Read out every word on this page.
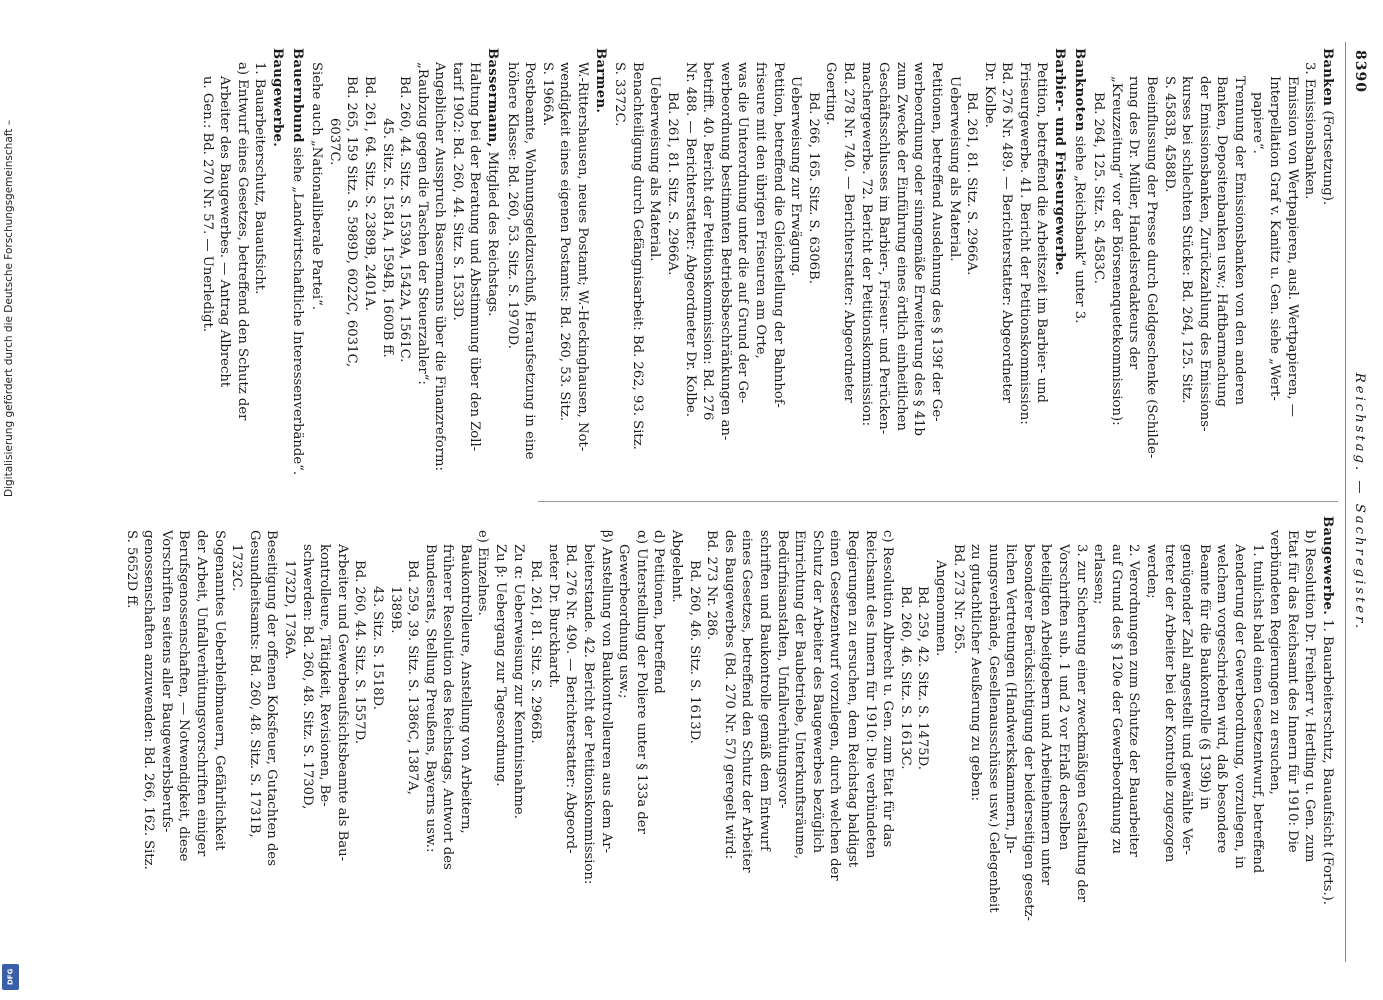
Digitalisierung gefördert durch die Deutsche Forschungsgemeinschaft –
DFG
8390
Reichstag. — Sachregister.
Banken (Fortsetzung).
3. Emissionsbanken.
Emission von Wertpapieren, ausl. Wertpapieren, —
Interpellation Graf v. Kanitz u. Gen. siehe „Wert-
papiere“.
Trennung der Emissionsbanken von den anderen
Banken, Depositenbanken usw.; Haftbarmachung
der Emissionsbanken, Zurückzahlung des Emissions-
kurses bei schlechten Stücke: Bd. 264, 125. Sitz.
S. 4583B, 4588D.
Beeinflussung der Presse durch Geldgeschenke (Schilde-
rung des Dr. Müller, Handelsredakteurs der
„Kreuzzeitung“ vor der Börsenenquetekommission):
Bd. 264, 125. Sitz. S. 4583C.
Banknoten siehe „Reichsbank“ unter 3.
Barbier- und Friseurgewerbe.
Petition, betreffend die Arbeitszeit im Barbier- und
Friseurgewerbe. 41. Bericht der Petitionskommission:
Bd. 276 Nr. 489. — Berichterstatter: Abgeordneter
Dr. Kolbe.
Bd. 261, 81. Sitz. S. 2966A.
Ueberweisung als Material.
Petitionen, betreffend Ausdehnung des § 139f der Ge-
werbeordnung oder sinngemäße Erweiterung des § 41b
zum Zwecke der Einführung eines örtlich einheitlichen
Geschäftsschlusses im Barbier-, Friseur- und Perücken-
machergewerbe. 72. Bericht der Petitionskommission:
Bd. 278 Nr. 740. — Berichterstatter: Abgeordneter
Goerting.
Bd. 266, 165. Sitz. S. 6306B.
Ueberweisung zur Erwägung.
Petition, betreffend die Gleichstellung der Bahnhof-
friseure mit den übrigen Friseuren am Orte,
was die Unterordnung unter die auf Grund der Ge-
werbeordnung bestimmten Betriebsbeschränkungen an-
betrifft. 40. Bericht der Petitionskommission: Bd. 276
Nr. 488. — Berichterstatter: Abgeordneter Dr. Kolbe.
Bd. 261, 81. Sitz. S. 2966A.
Ueberweisung als Material.
Benachteiligung durch Gefängnisarbeit: Bd. 262, 93. Sitz.
S. 3372C.
Barmen.
W.-Rittershausen, neues Postamt; W.-Heckinghausen, Not-
wendigkeit eines eigenen Postamts: Bd. 260, 53. Sitz.
S. 1966A.
Postbeamte, Wohnungsgeldzuschuß, Heraufsetzung in eine
höhere Klasse: Bd. 260, 53. Sitz. S. 1970D.
Bassermann, Mitglied des Reichstags.
Haltung bei der Beratung und Abstimmung über den Zoll-
tarif 1902: Bd. 260, 44. Sitz. S. 1533D.
Angeblicher Ausspruch Bassermanns über die Finanzreform:
„Raubzug gegen die Taschen der Steuerzahler“:
Bd. 260, 44. Sitz. S. 1539A, 1542A, 1561C.
45. Sitz. S. 1581A, 1594B, 1600B ff.
Bd. 261, 64. Sitz. S. 2389B, 2401A.
Bd. 265, 159 Sitz. S. 5989D, 6022C, 6031C,
6037C.
Siehe auch „Nationalliberale Partei“.
Bauernbund siehe „Landwirtschaftliche Interessenverbände“.
Baugewerbe.
1. Bauarbeiterschutz, Bauaufsicht.
a) Entwurf eines Gesetzes, betreffend den Schutz der
Arbeiter des Baugewerbes. — Antrag Albrecht
u. Gen.: Bd. 270 Nr. 57. — Unerledigt.
Baugewerbe. 1. Bauarbeiterschutz, Bauaufsicht (Forts.).
b) Resolution Dr. Freiherr v. Hertling u. Gen. zum
Etat für das Reichsamt des Innern für 1910: Die
verbündeten Regierungen zu ersuchen,
1. tunlichst bald einen Gesetzentwurf, betreffend
Aenderung der Gewerbeordnung, vorzulegen, in
welchem vorgeschrieben wird, daß besondere
Beamte für die Baukontrolle (§ 139b) in
genügender Zahl angestellt und gewählte Ver-
treter der Arbeiter bei der Kontrolle zugezogen
werden;
2. Verordnungen zum Schutze der Bauarbeiter
auf Grund des § 120e der Gewerbeordnung zu
erlassen;
3. zur Sicherung einer zweckmäßigen Gestaltung der
Vorschriften sub. 1 und 2 vor Erlaß derselben
beteiligten Arbeitgebern und Arbeitnehmern unter
besonderer Berücksichtigung der beiderseitigen gesetz-
lichen Vertretungen (Handwerkskammern, Jn-
nungsverbände, Gesellenausschüsse usw.) Gelegenheit
zu gutachtlicher Aeußerung zu geben:
Bd. 273 Nr. 265.
Angenommen.
Bd. 259, 42. Sitz. S. 1475D.
Bd. 260, 46. Sitz. S. 1613C.
c) Resolution Albrecht u. Gen. zum Etat für das
Reichsamt des Innern für 1910: Die verbündeten
Regierungen zu ersuchen, dem Reichstag baldigst
einen Gesetzentwurf vorzulegen, durch welchen der
Schutz der Arbeiter des Baugewerbes bezüglich
Einrichtung der Baubetriebe, Unterkunftsräume,
Bedürfnisanstalten, Unfallverhütungsvor-
schriften und Baukontrolle gemäß dem Entwurf
eines Gesetzes, betreffend den Schutz der Arbeiter
des Baugewerbes (Bd. 270 Nr. 57) geregelt wird:
Bd. 273 Nr. 286.
Bd. 260, 46. Sitz. S. 1613D.
Abgelehnt.
d) Petitionen, betreffend
α) Unterstellung der Poliere unter § 133a der
Gewerbeordnung usw.;
β) Anstellung von Baukontrolleuren aus dem Ar-
beiterstande. 42. Bericht der Petitionskommission:
Bd. 276 Nr. 490. — Berichterstatter: Abgeord-
neter Dr. Burckhardt.
Bd. 261, 81. Sitz. S. 2966B.
Zu α: Ueberweisung zur Kenntnisnahme.
Zu β: Uebergang zur Tagesordnung.
e) Einzelnes.
Baukontrolleure, Anstellung von Arbeitern,
früherer Resolution des Reichstags, Antwort des
Bundesrats, Stellung Preußens, Bayerns usw.:
Bd. 259, 39. Sitz. S. 1386C, 1387A,
1389B.
43. Sitz. S. 1518D.
Bd. 260, 44. Sitz. S. 1557D.
Arbeiter und Gewerbeaufsichtsbeamte als Bau-
kontrolleure, Tätigkeit, Revisionen, Be-
schwerden: Bd. 260, 48. Sitz. S. 1730D,
1732D, 1736A.
Beseitigung der offenen Koksfeuer, Gutachten des
Gesundheitsamts: Bd. 260, 48. Sitz. S. 1731B,
1732C.
Sogenanntes Ueberbleibmauern, Gefährlichkeit
der Arbeit, Unfallverhütungsvorschriften einiger
Berufsgenossenschaften, — Notwendigkeit, diese
Vorschriften seitens aller Baugewerbsberufs-
genossenschaften anzuwenden: Bd. 266, 162. Sitz.
S. 5652D ff.
